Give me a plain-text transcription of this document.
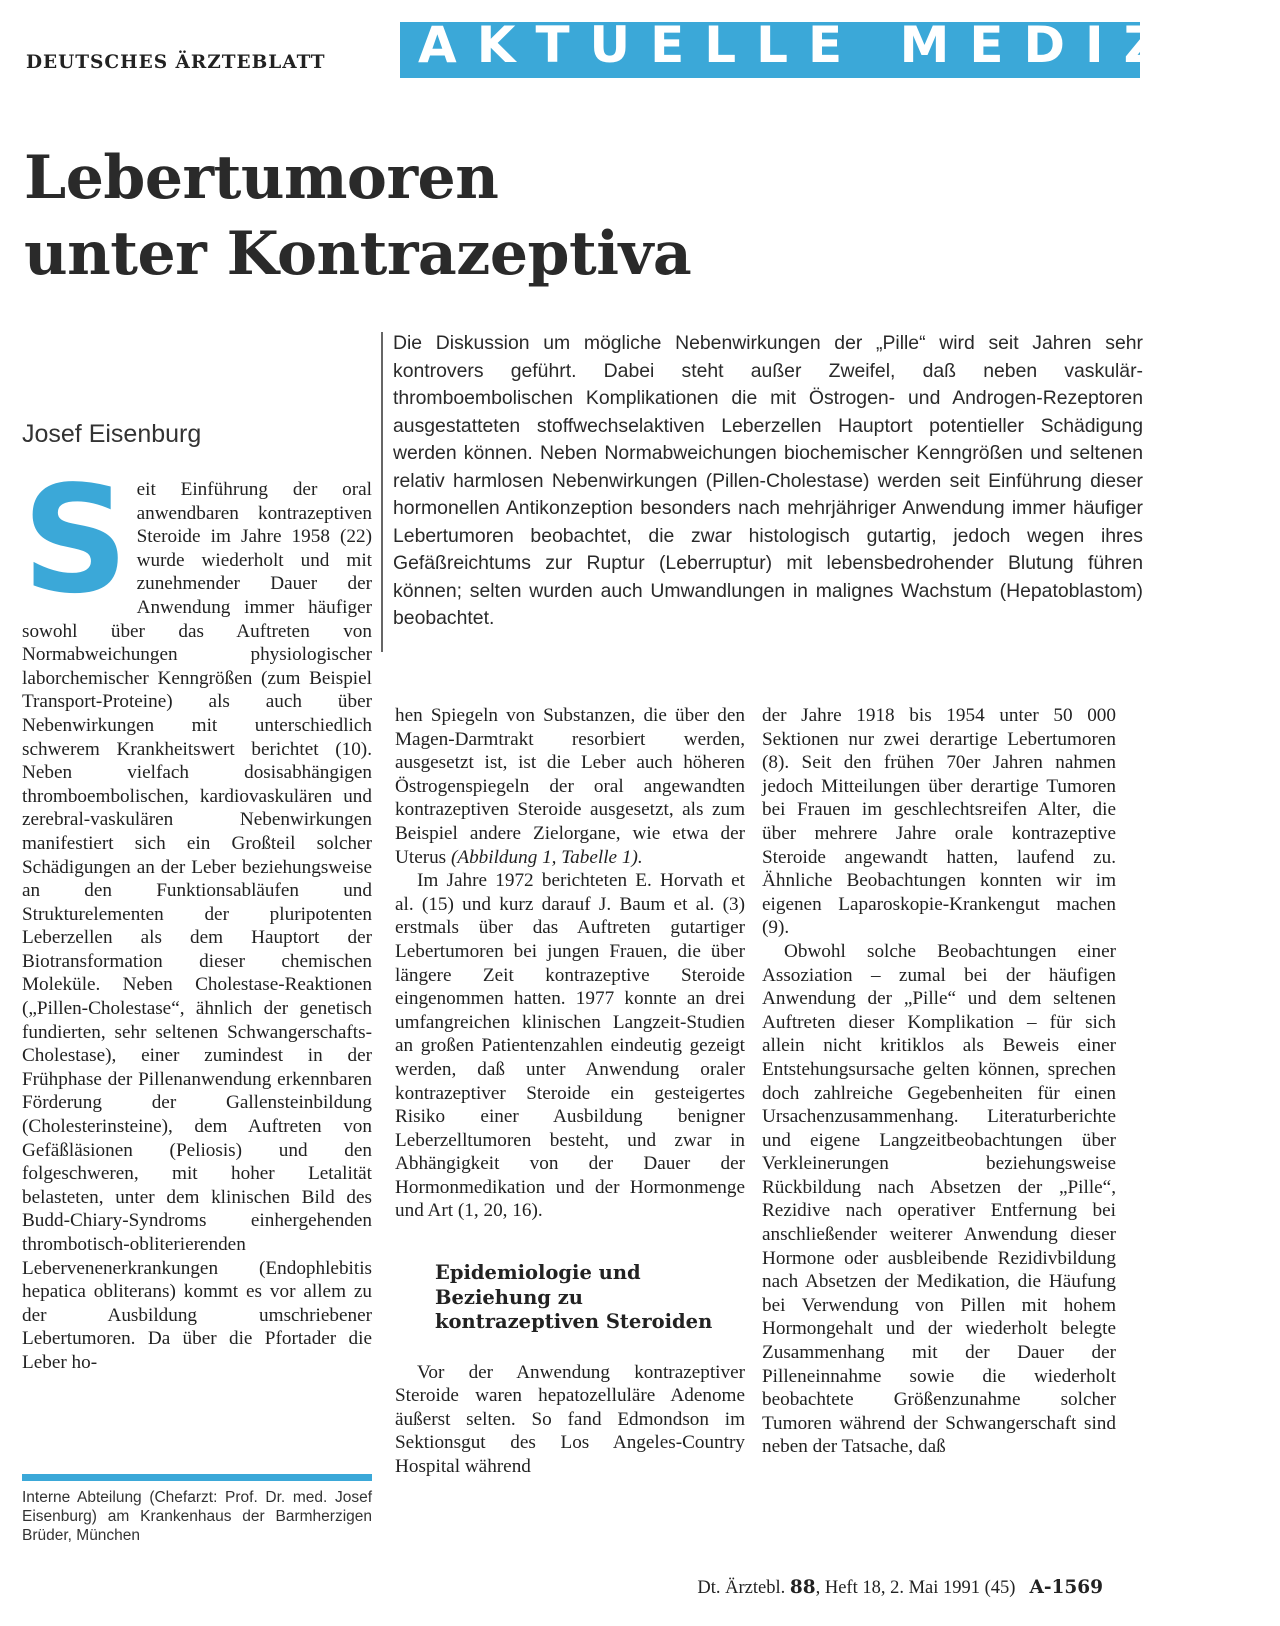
DEUTSCHES ÄRZTEBLATT AKTUELLE MEDIZIN
Lebertumoren
unter Kontrazeptiva
Josef Eisenburg

Die Diskussion um mögliche Nebenwirkungen der „Pille“ wird seit Jahren sehr kontrovers geführt. Dabei steht außer Zweifel, daß neben vaskulär-thromboembolischen Komplikationen die mit Östrogen- und Androgen-Rezeptoren ausgestatteten stoffwechselaktiven Leberzellen Hauptort potentieller Schädigung werden können. Neben Normabweichungen biochemischer Kenngrößen und seltenen relativ harmlosen Nebenwirkungen (Pillen-Cholestase) werden seit Einführung dieser hormonellen Antikonzeption besonders nach mehrjähriger Anwendung immer häufiger Lebertumoren beobachtet, die zwar histologisch gutartig, jedoch wegen ihres Gefäßreichtums zur Ruptur (Leberruptur) mit lebensbedrohender Blutung führen können; selten wurden auch Umwandlungen in malignes Wachstum (Hepatoblastom) beobachtet.

S eit Einführung der oral anwendbaren kontrazeptiven Steroide im Jahre 1958 (22) wurde wiederholt und mit zunehmender Dauer der Anwendung immer häufiger sowohl über das Auftreten von Normabweichungen physiologischer laborchemischer Kenngrößen (zum Beispiel Transport-Proteine) als auch über Nebenwirkungen mit unterschiedlich schwerem Krankheitswert berichtet (10). Neben vielfach dosisabhängigen thromboembolischen, kardiovaskulären und zerebral-vaskulären Nebenwirkungen manifestiert sich ein Großteil solcher Schädigungen an der Leber beziehungsweise an den Funktionsabläufen und Strukturelementen der pluripotenten Leberzellen als dem Hauptort der Biotransformation dieser chemischen Moleküle. Neben Cholestase-Reaktionen („Pillen-Cholestase“, ähnlich der genetisch fundierten, sehr seltenen Schwangerschafts-Cholestase), einer zumindest in der Frühphase der Pillenanwendung erkennbaren Förderung der Gallensteinbildung (Cholesterinsteine), dem Auftreten von Gefäßläsionen (Peliosis) und den folgeschweren, mit hoher Letalität belasteten, unter dem klinischen Bild des Budd-Chiary-Syndroms einhergehenden thrombotisch-obliterierenden Lebervenenerkrankungen (Endophlebitis hepatica obliterans) kommt es vor allem zu der Ausbildung umschriebener Lebertumoren. Da über die Pfortader die Leber ho-

hen Spiegeln von Substanzen, die über den Magen-Darmtrakt resorbiert werden, ausgesetzt ist, ist die Leber auch höheren Östrogenspiegeln der oral angewandten kontrazeptiven Steroide ausgesetzt, als zum Beispiel andere Zielorgane, wie etwa der Uterus (Abbildung 1, Tabelle 1).

Im Jahre 1972 berichteten E. Horvath et al. (15) und kurz darauf J. Baum et al. (3) erstmals über das Auftreten gutartiger Lebertumoren bei jungen Frauen, die über längere Zeit kontrazeptive Steroide eingenommen hatten. 1977 konnte an drei umfangreichen klinischen Langzeit-Studien an großen Patientenzahlen eindeutig gezeigt werden, daß unter Anwendung oraler kontrazeptiver Steroide ein gesteigertes Risiko einer Ausbildung benigner Leberzelltumoren besteht, und zwar in Abhängigkeit von der Dauer der Hormonmedikation und der Hormonmenge und Art (1, 20, 16).

Epidemiologie und Beziehung zu kontrazeptiven Steroiden

Vor der Anwendung kontrazeptiver Steroide waren hepatozelluläre Adenome äußerst selten. So fand Edmondson im Sektionsgut des Los Angeles-Country Hospital während

der Jahre 1918 bis 1954 unter 50 000 Sektionen nur zwei derartige Lebertumoren (8). Seit den frühen 70er Jahren nahmen jedoch Mitteilungen über derartige Tumoren bei Frauen im geschlechtsreifen Alter, die über mehrere Jahre orale kontrazeptive Steroide angewandt hatten, laufend zu. Ähnliche Beobachtungen konnten wir im eigenen Laparoskopie-Krankengut machen (9).

Obwohl solche Beobachtungen einer Assoziation – zumal bei der häufigen Anwendung der „Pille“ und dem seltenen Auftreten dieser Komplikation – für sich allein nicht kritiklos als Beweis einer Entstehungsursache gelten können, sprechen doch zahlreiche Gegebenheiten für einen Ursachenzusammenhang. Literaturberichte und eigene Langzeitbeobachtungen über Verkleinerungen beziehungsweise Rückbildung nach Absetzen der „Pille“, Rezidive nach operativer Entfernung bei anschließender weiterer Anwendung dieser Hormone oder ausbleibende Rezidivbildung nach Absetzen der Medikation, die Häufung bei Verwendung von Pillen mit hohem Hormongehalt und der wiederholt belegte Zusammenhang mit der Dauer der Pilleneinnahme sowie die wiederholt beobachtete Größenzunahme solcher Tumoren während der Schwangerschaft sind neben der Tatsache, daß

Interne Abteilung (Chefarzt: Prof. Dr. med. Josef Eisenburg) am Krankenhaus der Barmherzigen Brüder, München

Dt. Ärztebl. 88, Heft 18, 2. Mai 1991 (45) A-1569
